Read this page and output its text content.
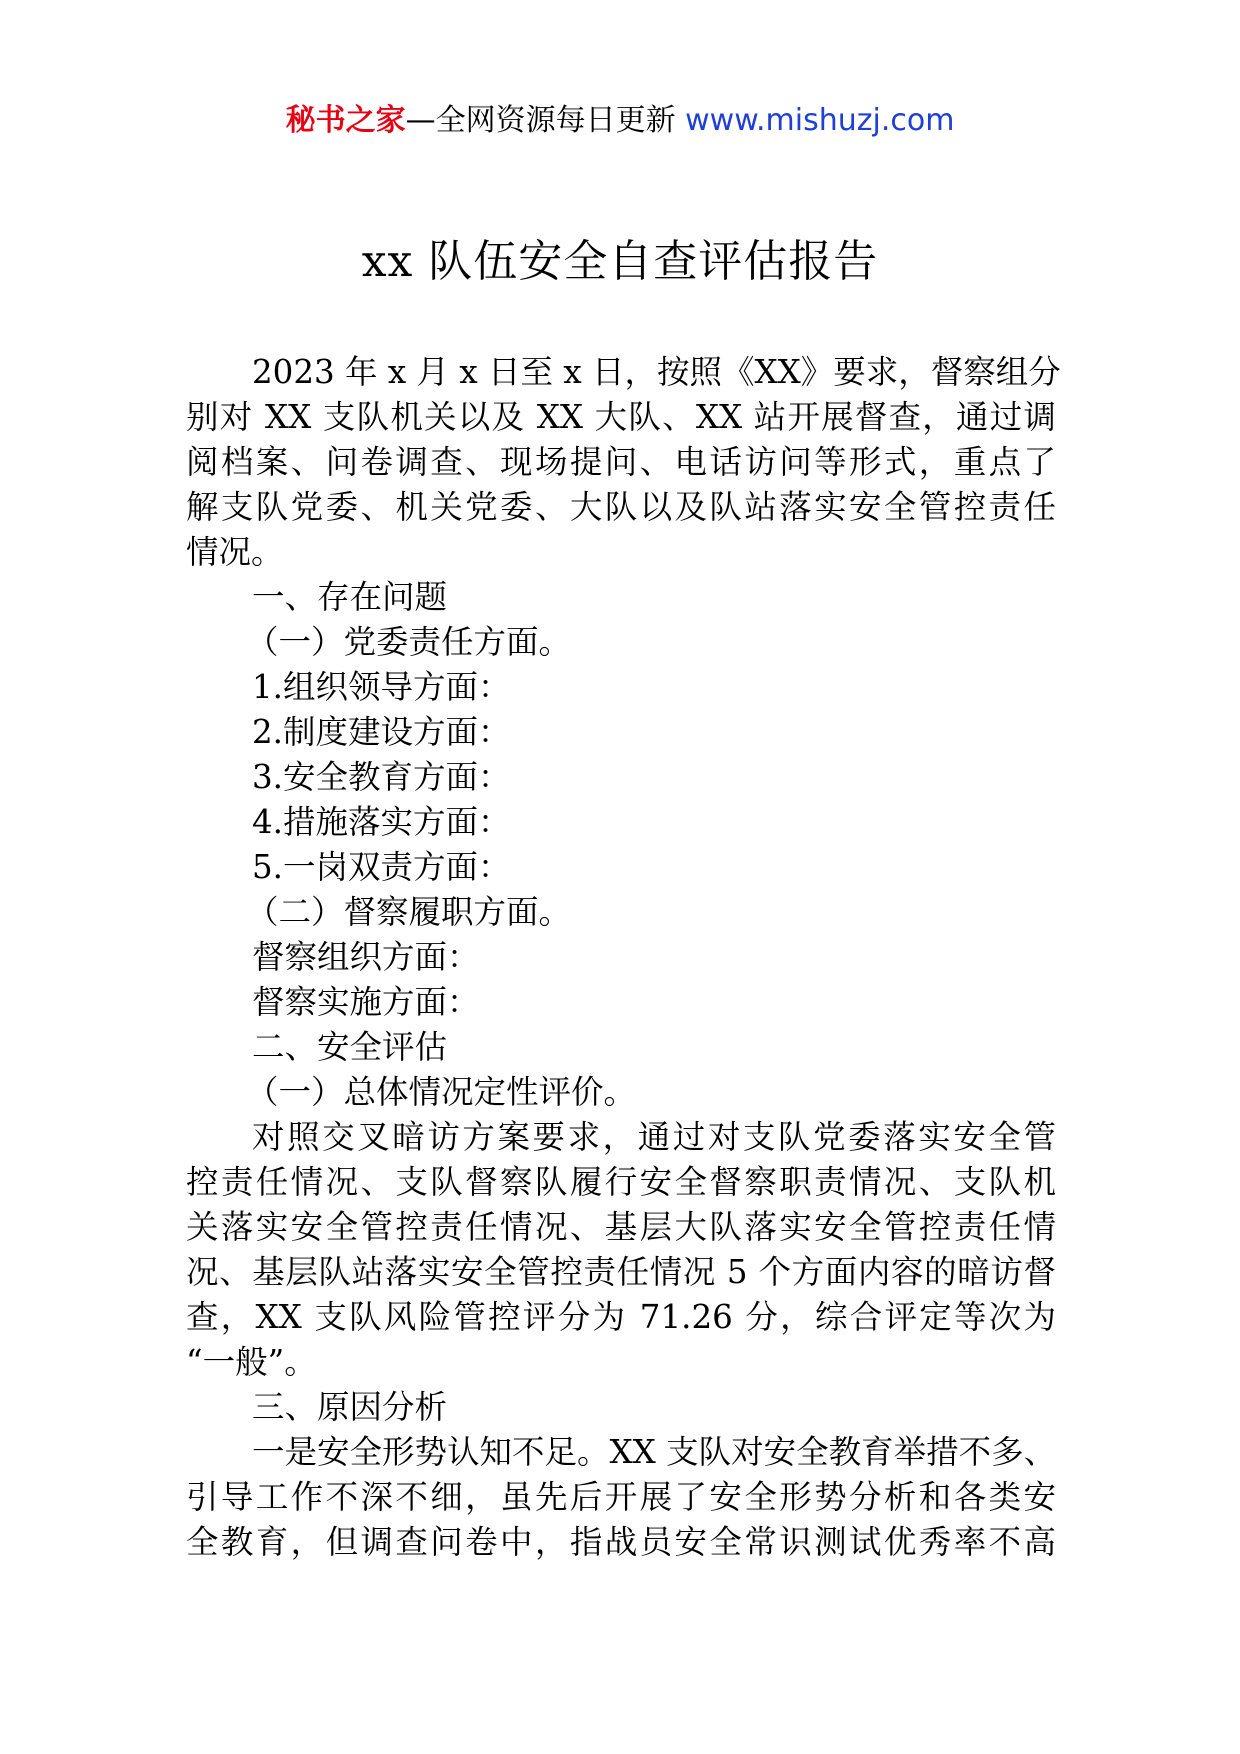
秘书之家—全网资源每日更新 www.mishuzj.com
xx 队伍安全自查评估报告
2023 年 x 月 x 日至 x 日，按照《XX》要求，督察组分
别对 XX 支队机关以及 XX 大队、XX 站开展督查，通过调
阅档案、问卷调查、现场提问、电话访问等形式，重点了
解支队党委、机关党委、大队以及队站落实安全管控责任
情况。
一、存在问题
（一）党委责任方面。
1.组织领导方面：
2.制度建设方面：
3.安全教育方面：
4.措施落实方面：
5.一岗双责方面：
（二）督察履职方面。
督察组织方面：
督察实施方面：
二、安全评估
（一）总体情况定性评价。
对照交叉暗访方案要求，通过对支队党委落实安全管
控责任情况、支队督察队履行安全督察职责情况、支队机
关落实安全管控责任情况、基层大队落实安全管控责任情
况、基层队站落实安全管控责任情况 5 个方面内容的暗访督
查，XX 支队风险管控评分为 71.26 分，综合评定等次为
“一般”。
三、原因分析
一是安全形势认知不足。XX 支队对安全教育举措不多、
引导工作不深不细，虽先后开展了安全形势分析和各类安
全教育，但调查问卷中，指战员安全常识测试优秀率不高
